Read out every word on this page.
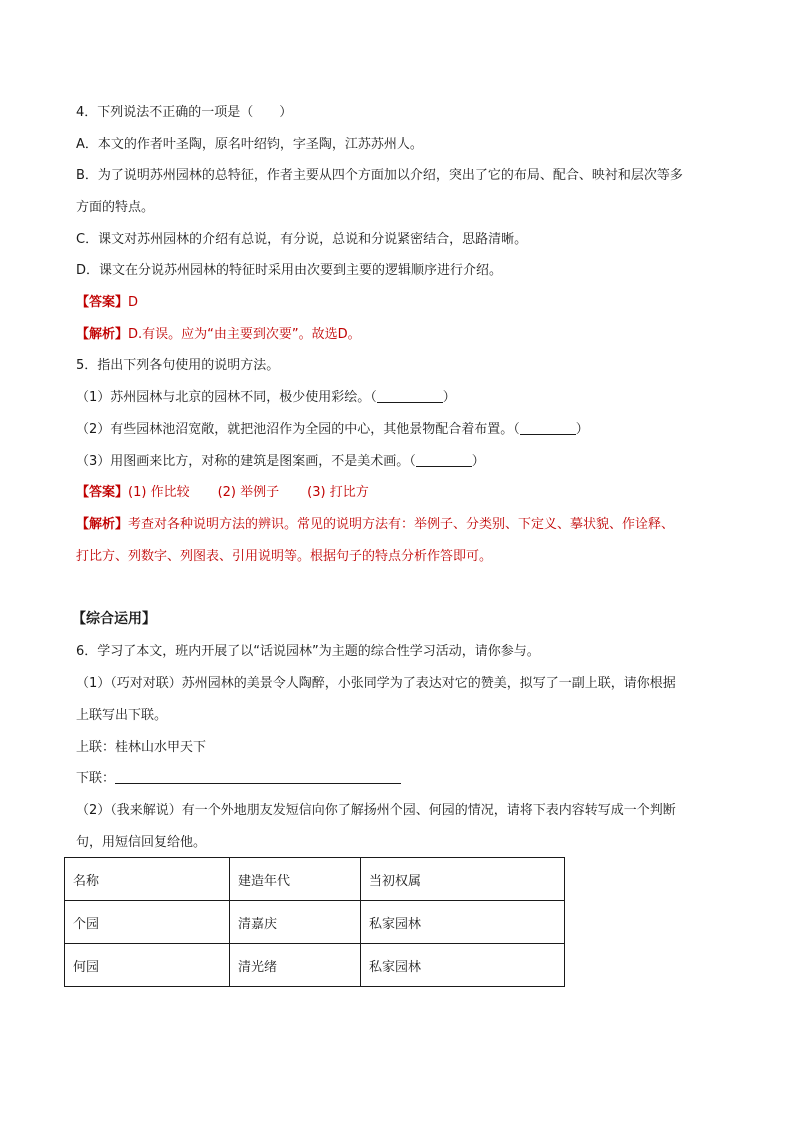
4．下列说法不正确的一项是（　　）
A．本文的作者叶圣陶，原名叶绍钧，字圣陶，江苏苏州人。
B．为了说明苏州园林的总特征，作者主要从四个方面加以介绍，突出了它的布局、配合、映衬和层次等多
方面的特点。
C．课文对苏州园林的介绍有总说，有分说，总说和分说紧密结合，思路清晰。
D．课文在分说苏州园林的特征时采用由次要到主要的逻辑顺序进行介绍。
【答案】D
【解析】D.有误。应为“由主要到次要”。故选D。
5．指出下列各句使用的说明方法。
（1）苏州园林与北京的园林不同，极少使用彩绘。（	）
（2）有些园林池沼宽敞，就把池沼作为全园的中心，其他景物配合着布置。（	）
（3）用图画来比方，对称的建筑是图案画，不是美术画。（	）
【答案】(1) 作比较 (2) 举例子 (3) 打比方
【解析】考查对各种说明方法的辨识。常见的说明方法有：举例子、分类别、下定义、摹状貌、作诠释、
打比方、列数字、列图表、引用说明等。根据句子的特点分析作答即可。
【综合运用】
6．学习了本文，班内开展了以“话说园林”为主题的综合性学习活动，请你参与。
（1）（巧对对联）苏州园林的美景令人陶醉，小张同学为了表达对它的赞美，拟写了一副上联，请你根据
上联写出下联。
上联：桂林山水甲天下
下联：
（2）（我来解说）有一个外地朋友发短信向你了解扬州个园、何园的情况，请将下表内容转写成一个判断
句，用短信回复给他。
名称	建造年代	当初权属
个园	清嘉庆	私家园林
何园	清光绪	私家园林
